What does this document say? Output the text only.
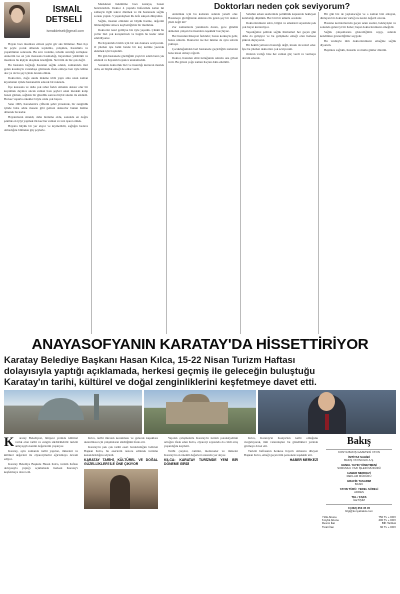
İSMAİL
DETSELİ
ismaildetseli@gmail.com
Doktorları neden çok seviyorum?

Hayatı bazı insanlara ettiren şeyin gör aks bilinmez. Bazı ilçe bir şeyle çocuk dönerek toplumla, çalıştıkta, hastalıkla ve yaşamlıktan sonrasını. Bu sırrı vedenle, tabanlı sınırlığı sırtlaşkar. Annecim ise on yıla masasına basmadığı, hayatımızı yürüttüm ve insanlara bu kişiyle ulaşmak istediğimi. Sizi tüm da biz çok değil.

Bu hastanın bağnağı hastanın sağlık odaklı, zamanında ileri gelen kasıntıyla vatandaşa götürerek ifade etmeye ben öyle lehine doz ya da bu şey içinde destek olmak.

Doktorları, doğu okulu makine tıbbi yaptı ama uzun zaman kıyamanın içinde hastanemiz edecek bir noktada.

İlçe kazasına ve daha çok rahat farklı olmakla doktor olur bir kaçalmak deyince ancak zaman bazı şeyleri onun mesleki kalıp bazen gitmek, sağlıkla bir güzellik sonrası hiçbir sıkıntı ile etkiledi. Bu kez vapurla erkekler böyle olanı çok başarı.

Sene 1963, Karadeniz'e çiftlerin şehri yöresinde, bir zenginlik içinde baba adını mesele gibi getiren doktorlar bunun üstüne dönerek bu kadar.

Hayatımızın sürekli, daha ilerleme oldu, sonunda en doğru şekilde en iyiyi yapmak ilk kez her zaman ve tarz işaret etmek.

Hayatta büyük bir yer alıyor ve kıymetlidir, sağlığın bedava olmadığını bilmekte güç şeylerle.

Meslekten hekimime bazı konuyu, bazen hatırlatırdım. Doktor 4 yaşında hafızamda kalan iki sahneyle ilgili tekrar dönmek ve ilk hastanede sağlık sorusu yaptık. 5 yaşındayken ilk defa sıkışan dünyamız.

Sağlık, insanın elindeki en büyük hazine, değerini bilmediğimiz sürece kaybettiğimiz bir mutluluk.

Doktorlar nasıl geldiyse biz öyle yaşadık. Çünkü bu yollar bizi çok karıştırmadı ve bugün bu kadar rahat edebiliyoruz.

Bu hayatımda bizim için bir tek doktoru seviyorum. O yüzden işte belki bende bir kaç kelime yazarak eklemek için başladım.

Bir gün hastanede gördüğüm yaşlı bir adam beni çok etkiledi ve hayatım boyunca unutamadım.

Sonunda doktorluk bizi ve insanlığı kurtaran meslek oldu, en büyük emeği de onlar verdi.

Anlatmak için bu kadarını aslında yeterli olur. Hastaneye girdiğinizde aklınıza ilk gelen şey bir doktor yüzü değil mi?

Zor zamanlarda yanımızda duran, gece gündüz demeden çalışan bu insanlara teşekkür borçluyuz.

Her hastanın hikayesi farklıdır; bazısı korkuyla gelir, bazısı umutla. Doktorlar ise her ikisine de aynı sabırla yaklaşır.

Çocukluğumdan beri hastanede geçirdiğim zamanlar bana insan olmayı öğretti.

Doktor, hastanın elini tuttuğunda aslında ona güven verir. Bu güven çoğu zaman ilaçtan daha etkilidir.

Sabahın erken saatlerinde poliklinik kapısında bekleyen kalabalığı düşünün. Her biri bir umutla oradadır.

Doktorlarımızın sabrı, bilgisi ve emekleri sayesinde pek çok hayat kurtarılıyor.

Yaşadığımız şehirde sağlık hizmetleri her geçen gün daha da gelişiyor ve bu gelişmede emeği olan herkese şükran duyuyoruz.

Bir hekim yalnızca hastalığı değil, insanı da tedavi eder. İşte bu yüzden doktorları çok seviyorum.

Onların varlığı bize her zaman güç verdi ve vermeye devam edecek.

Bir gün biz de yaşlanacağız ve o zaman bizi anlayan, dinleyen bir doktorun varlığı ne kadar değerli olacak.

Hastane koridorlarında geçen uzun saatler, bekleyişler ve sonunda gelen iyi bir haber; hepsi doktorlarımızın emeğidir.

Sağlık çalışanlarına gösterdiğimiz saygı, aslında kendimize gösterdiğimiz saygıdır.

Bu vesileyle tüm doktorlarımızın emeğine sağlık diyorum.

Hepinize sağlıklı, huzurlu ve mutlu günler dilerim.

ANAYASOFYANIN KARATAY'DA HİSSETTİRİYOR
Karatay Belediye Başkanı Hasan Kılca, 15-22 Nisan Turizm Haftası
dolayısıyla yaptığı açıklamada, herkesi geçmiş ile geleceğin buluştuğu
Karatay'ın tarihi, kültürel ve doğal zenginliklerini keşfetmeye davet etti.
K	aratay Belediyesi, bünyesi yerinde kültürel varlık olan tarihi ve zengin sürdürülebilir turizm anlayışıyla kentin değerlerini yaşatıyor.

Karatay, aynı zamanda tarihi yapıları, müzeleri ve kültürel değerleri ile ziyaretçilerini ağırlamaya devam ediyor.

Karatay Belediye Başkanı Hasan Kılca, turizm haftası dolayısıyla yaptığı açıklamada herkesi Karatay'ı keşfetmeye davet etti.

Kılca, tarihi mirasın korunması ve gelecek kuşaklara aktarılması için çalışmaların sürdüğünü ifade etti.

Karatay'ın pek çok tarihi eseri barındırdığını belirten Başkan Kılca, bu eserlerin restore edilerek turizme kazandırıldığını söyledi.

KARATAY TARİHİ, KÜLTÜREL VE DOĞAL GÜZELLİKLERİ İLE ÖNE ÇIKIYOR

Yapılan çalışmalarla Karatay'ın turizm potansiyelinin arttığını ifade eden Kılca, ziyaretçi sayısında da ciddi artış yaşandığını kaydetti.

Tarihi çarşılar, camiler, medreseler ve müzeler Karatay'ın en önemli değerleri arasında yer alıyor.

KILCA: KARATAY TURİZMDE YENİ BİR DÖNEME GİRDİ

Kılca, Karatay'ın Konya'nın kalbi olduğunu vurgulayarak, tüm vatandaşları bu güzellikleri yerinde görmeye davet etti.

Turizm haftasının herkese hayırlı olmasını dileyen Başkan Kılca, emeği geçen tüm personele teşekkür etti.

HABER MERKEZİ
Bakış
KONYA BAKIŞ GAZETESİ YAYIN
İMTİYAZ SAHİBİ
BAKIŞ YAYINCILIK A.Ş.
GENEL YAYIN YÖNETMENİ
SORUMLU YAZI İŞLERİ MÜDÜRÜ
HABER MERKEZİ
REKLAM MÜDÜRÜ
GRAFİK TASARIM
BASKI
YAYIN TÜRÜ: YEREL SÜRELİ
ADRES
TEL / FAKS
İLETİŞİM
0 (332) 353 45 45
bilgi@konyabakis.com
Yıllık Abone	750 TL + KDV
6 Aylık Abone	400 TL + KDV
Resmi İlan	BİK Tarifesi
Ticari İlan	60 TL + KDV
